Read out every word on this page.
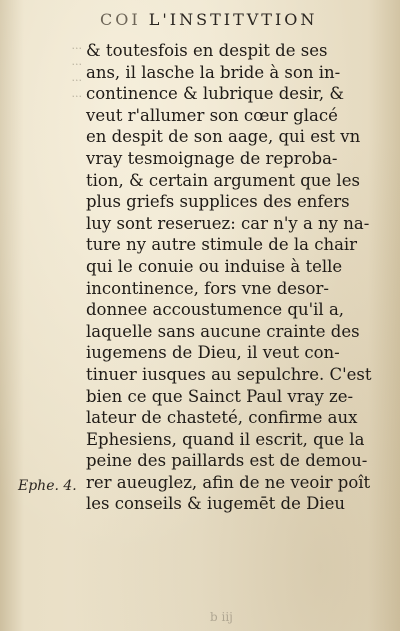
COI L'INSTITVTION
...
...
...
...
& toutesfois en despit de ses
ans, il lasche la bride à son in-
continence & lubrique desir, &
veut r'allumer son cœur glacé
en despit de son aage, qui est vn
vray tesmoignage de reproba-
tion, & certain argument que les
plus griefs supplices des enfers
luy sont reseruez: car n'y a ny na-
ture ny autre stimule de la chair
qui le conuie ou induise à telle
incontinence, fors vne desor-
donnee accoustumence qu'il a,
laquelle sans aucune crainte des
iugemens de Dieu, il veut con-
tinuer iusques au sepulchre. C'est
bien ce que Sainct Paul vray ze-
lateur de chasteté, confirme aux
Ephesiens, quand il escrit, que la
peine des paillards est de demou-
rer aueuglez, afin de ne veoir poît
les conseils & iugemēt de Dieu
Ephe. 4.
b iij
